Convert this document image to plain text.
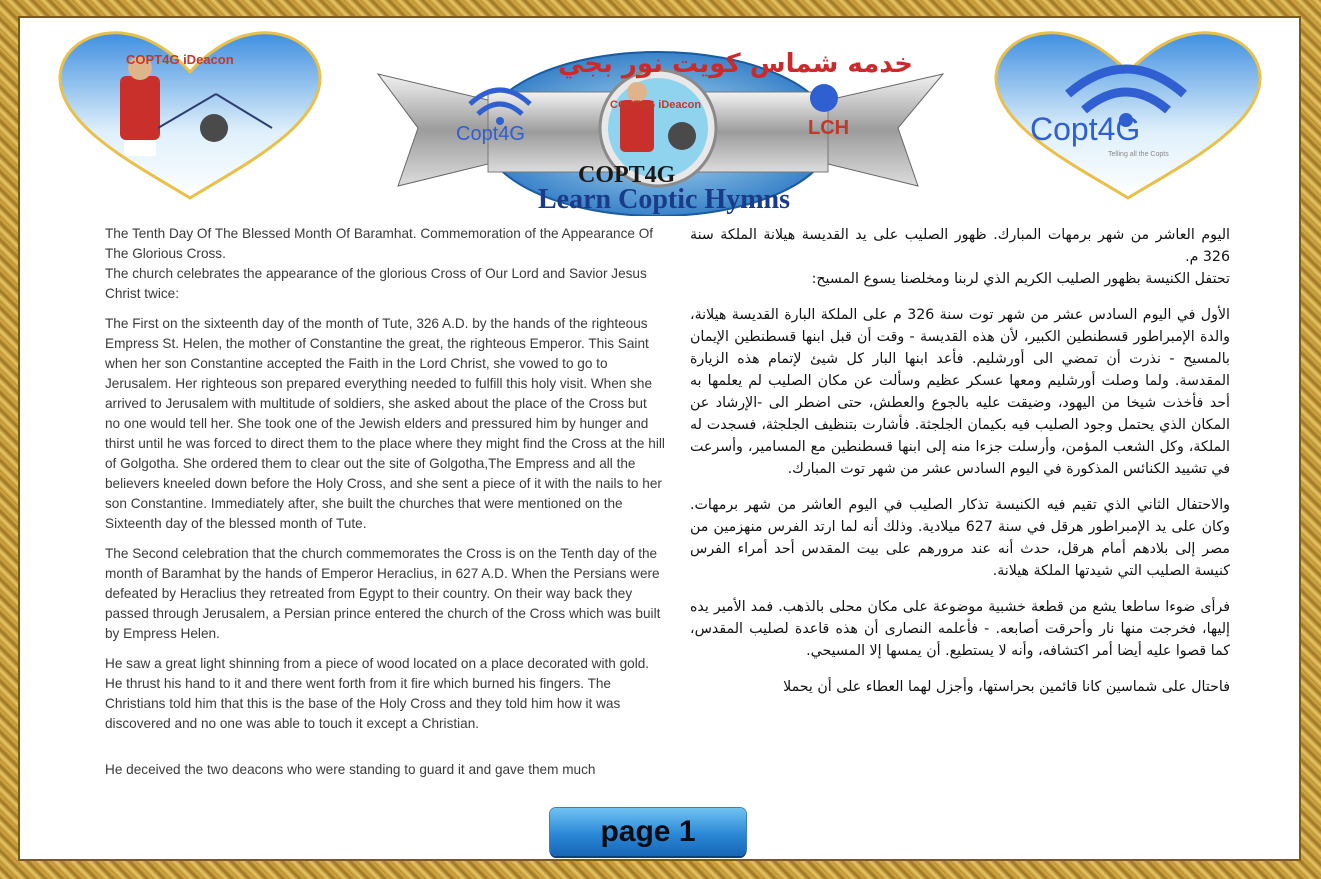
COPT4G iDeacon
Copt4G	LCH
خدمه شماس كويت نور بجي
COPT4G iDeacon
COPT4G
Learn Coptic Hymns
Copt4G
Telling all the Copts

The Tenth Day Of The Blessed Month Of Baramhat. Commemoration of the Appearance Of The Glorious Cross.

The church celebrates the appearance of the glorious Cross of Our Lord and Savior Jesus Christ twice:

The First on the sixteenth day of the month of Tute, 326 A.D. by the hands of the righteous Empress St. Helen, the mother of Constantine the great, the righteous Emperor. This Saint when her son Constantine accepted the Faith in the Lord Christ, she vowed to go to Jerusalem. Her righteous son prepared everything needed to fulfill this holy visit. When she arrived to Jerusalem with multitude of soldiers, she asked about the place of the Cross but no one would tell her. She took one of the Jewish elders and pressured him by hunger and thirst until he was forced to direct them to the place where they might find the Cross at the hill of Golgotha. She ordered them to clear out the site of Golgotha,The Empress and all the believers kneeled down before the Holy Cross, and she sent a piece of it with the nails to her son Constantine. Immediately after, she built the churches that were mentioned on the Sixteenth day of the blessed month of Tute.

The Second celebration that the church commemorates the Cross is on the Tenth day of the month of Baramhat by the hands of Emperor Heraclius, in 627 A.D. When the Persians were defeated by Heraclius they retreated from Egypt to their country. On their way back they passed through Jerusalem, a Persian prince entered the church of the Cross which was built by Empress Helen.

He saw a great light shinning from a piece of wood located on a place decorated with gold. He thrust his hand to it and there went forth from it fire which burned his fingers. The Christians told him that this is the base of the Holy Cross and they told him how it was discovered and no one was able to touch it except a Christian.

He deceived the two deacons who were standing to guard it and gave them much

اليوم العاشر من شهر برمهات المبارك. ظهور الصليب على يد القديسة هيلانة الملكة سنة 326 م.

تحتفل الكنيسة بظهور الصليب الكريم الذي لربنا ومخلصنا يسوع المسيح:

الأول في اليوم السادس عشر من شهر توت سنة 326 م على الملكة البارة القديسة هيلانة، والدة الإمبراطور قسطنطين الكبير، لأن هذه القديسة - وقت أن قبل ابنها قسطنطين الإيمان بالمسيح - نذرت أن تمضي الى أورشليم. فأعد ابنها البار كل شيئ لإتمام هذه الزيارة المقدسة. ولما وصلت أورشليم ومعها عسكر عظيم وسألت عن مكان الصليب لم يعلمها به أحد فأخذت شيخا من اليهود، وضيقت عليه بالجوع والعطش، حتى اضطر الى -الإرشاد عن المكان الذي يحتمل وجود الصليب فيه بكيمان الجلجثة. فأشارت بتنظيف الجلجثة، فسجدت له الملكة، وكل الشعب المؤمن، وأرسلت جزءا منه إلى ابنها قسطنطين مع المسامير، وأسرعت في تشييد الكنائس المذكورة في اليوم السادس عشر من شهر توت المبارك.

والاحتفال الثاني الذي تقيم فيه الكنيسة تذكار الصليب في اليوم العاشر من شهر برمهات. وكان على يد الإمبراطور هرقل في سنة 627 ميلادية. وذلك أنه لما ارتد الفرس منهزمين من مصر إلى بلادهم أمام هرقل، حدث أنه عند مرورهم على بيت المقدس أحد أمراء الفرس كنيسة الصليب التي شيدتها الملكة هيلانة.

فرأى ضوءا ساطعا يشع من قطعة خشبية موضوعة على مكان محلى بالذهب. فمد الأمير يده إليها، فخرجت منها نار وأحرقت أصابعه. - فأعلمه النصارى أن هذه قاعدة لصليب المقدس، كما قصوا عليه أيضا أمر اكتشافه، وأنه لا يستطيع. أن يمسها إلا المسيحي.

فاحتال على شماسين كانا قائمين بحراستها، وأجزل لهما العطاء على أن يحملا

page 1
